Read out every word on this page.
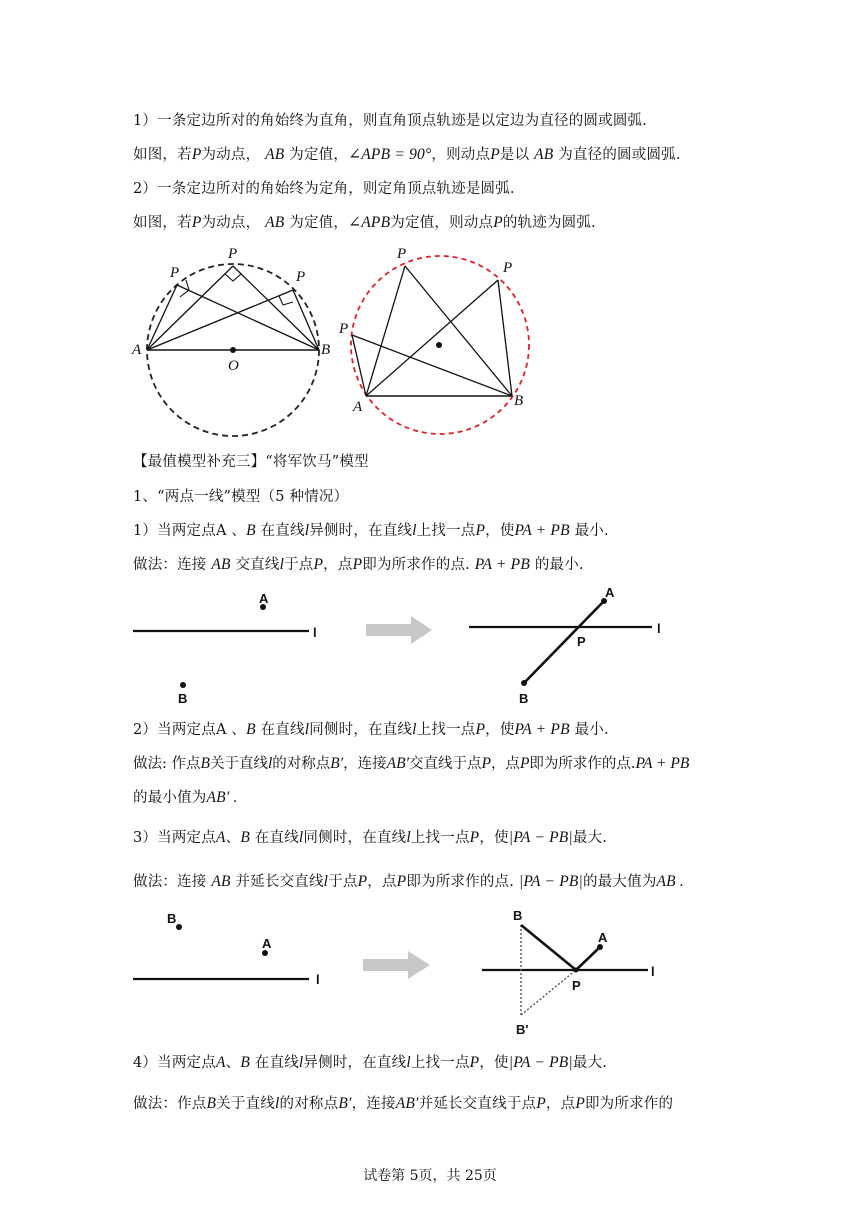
1）一条定边所对的角始终为直角，则直角顶点轨迹是以定边为直径的圆或圆弧.
如图，若P为动点， AB 为定值，∠APB = 90°，则动点P是以 AB 为直径的圆或圆弧.
2）一条定边所对的角始终为定角，则定角顶点轨迹是圆弧.
如图，若P为动点， AB 为定值，∠APB为定值，则动点P的轨迹为圆弧.
P
P
P
A	B
O
P
P
P
A	B
【最值模型补充三】“将军饮马”模型
1、“两点一线”模型（5 种情况）
1）当两定点A 、B 在直线l异侧时，在直线l上找一点P，使PA + PB 最小.
做法：连接 AB 交直线l于点P，点P即为所求作的点. PA + PB 的最小.
A
B
l
A
P
B
l
2）当两定点A 、B 在直线l同侧时，在直线l上找一点P，使PA + PB 最小.
做法: 作点B关于直线l的对称点B′，连接AB′交直线于点P，点P即为所求作的点.PA + PB
的最小值为AB′ .
3）当两定点A、B 在直线l同侧时，在直线l上找一点P，使|PA − PB|最大.
做法：连接 AB 并延长交直线l于点P，点P即为所求作的点. |PA − PB|的最大值为AB .
B
A
l
B
A
P
B'
l
4）当两定点A、B 在直线l异侧时，在直线l上找一点P，使|PA − PB|最大.
做法：作点B关于直线l的对称点B′，连接AB′并延长交直线于点P，点P即为所求作的
试卷第 5页，共 25页
